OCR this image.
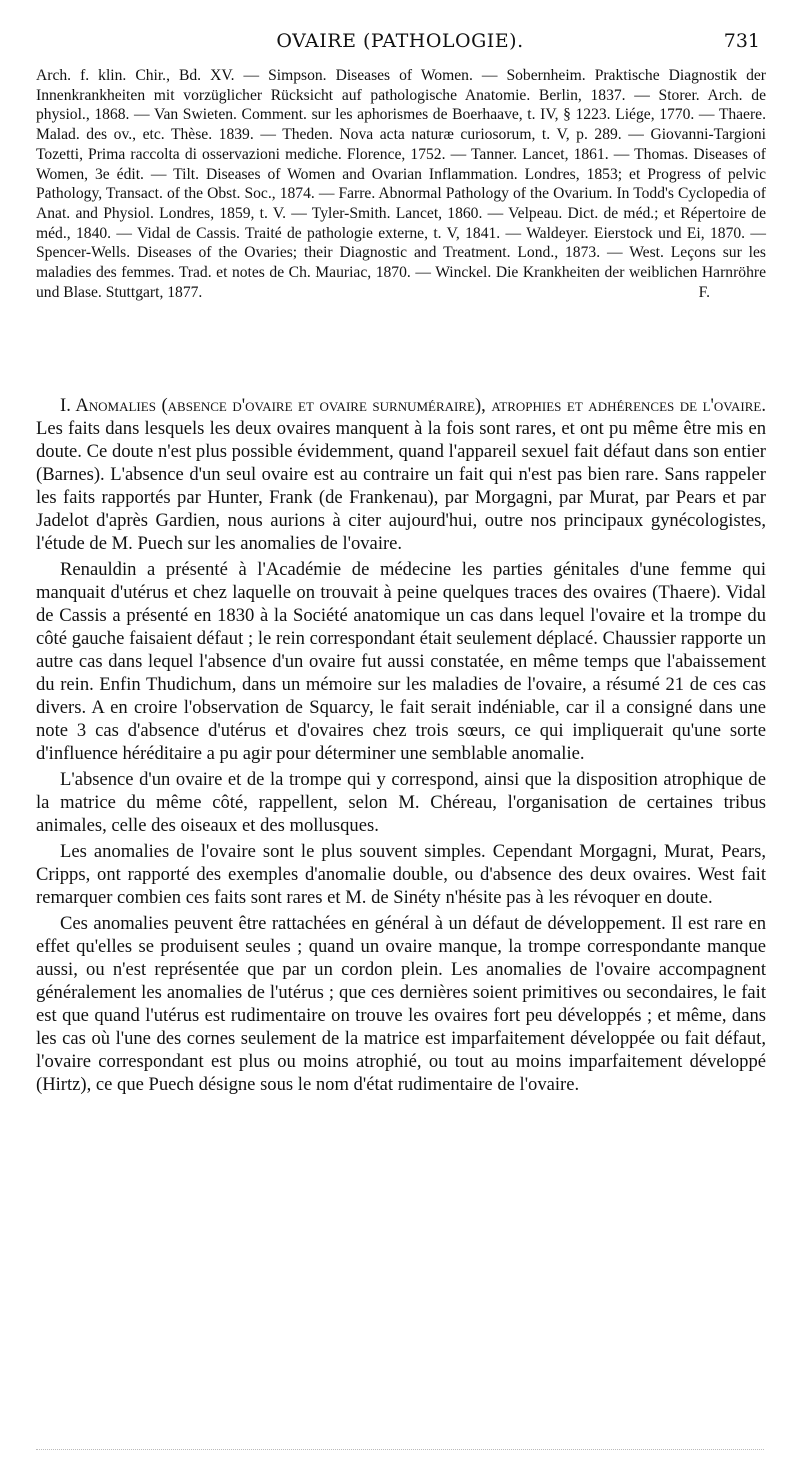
OVAIRE (PATHOLOGIE).	731

Arch. f. klin. Chir., Bd. XV. — Simpson. Diseases of Women. — Sobernheim. Praktische Diagnostik der Innenkrankheiten mit vorzüglicher Rücksicht auf pathologische Anatomie. Berlin, 1837. — Storer. Arch. de physiol., 1868. — Van Swieten. Comment. sur les aphorismes de Boerhaave, t. IV, § 1223. Liége, 1770. — Thaere. Malad. des ov., etc. Thèse. 1839. — Theden. Nova acta naturæ curiosorum, t. V, p. 289. — Giovanni-Targioni Tozetti, Prima raccolta di osservazioni mediche. Florence, 1752. — Tanner. Lancet, 1861. — Thomas. Diseases of Women, 3e édit. — Tilt. Diseases of Women and Ovarian Inflammation. Londres, 1853; et Progress of pelvic Pathology, Transact. of the Obst. Soc., 1874. — Farre. Abnormal Pathology of the Ovarium. In Todd's Cyclopedia of Anat. and Physiol. Londres, 1859, t. V. — Tyler-Smith. Lancet, 1860. — Velpeau. Dict. de méd.; et Répertoire de méd., 1840. — Vidal de Cassis. Traité de pathologie externe, t. V, 1841. — Waldeyer. Eierstock und Ei, 1870. — Spencer-Wells. Diseases of the Ovaries; their Diagnostic and Treatment. Lond., 1873. — West. Leçons sur les maladies des femmes. Trad. et notes de Ch. Mauriac, 1870. — Winckel. Die Krankheiten der weiblichen Harnröhre und Blase. Stuttgart, 1877.	F.

I. Anomalies (absence d'ovaire et ovaire surnuméraire), atrophies et adhérences de l'ovaire. Les faits dans lesquels les deux ovaires manquent à la fois sont rares, et ont pu même être mis en doute. Ce doute n'est plus possible évidemment, quand l'appareil sexuel fait défaut dans son entier (Barnes). L'absence d'un seul ovaire est au contraire un fait qui n'est pas bien rare. Sans rappeler les faits rapportés par Hunter, Frank (de Frankenau), par Morgagni, par Murat, par Pears et par Jadelot d'après Gardien, nous aurions à citer aujourd'hui, outre nos principaux gynécologistes, l'étude de M. Puech sur les anomalies de l'ovaire.

Renauldin a présenté à l'Académie de médecine les parties génitales d'une femme qui manquait d'utérus et chez laquelle on trouvait à peine quelques traces des ovaires (Thaere). Vidal de Cassis a présenté en 1830 à la Société anatomique un cas dans lequel l'ovaire et la trompe du côté gauche faisaient défaut ; le rein correspondant était seulement déplacé. Chaussier rapporte un autre cas dans lequel l'absence d'un ovaire fut aussi constatée, en même temps que l'abaissement du rein. Enfin Thudichum, dans un mémoire sur les maladies de l'ovaire, a résumé 21 de ces cas divers. A en croire l'observation de Squarcy, le fait serait indéniable, car il a consigné dans une note 3 cas d'absence d'utérus et d'ovaires chez trois sœurs, ce qui impliquerait qu'une sorte d'influence héréditaire a pu agir pour déterminer une semblable anomalie.

L'absence d'un ovaire et de la trompe qui y correspond, ainsi que la disposition atrophique de la matrice du même côté, rappellent, selon M. Chéreau, l'organisation de certaines tribus animales, celle des oiseaux et des mollusques.

Les anomalies de l'ovaire sont le plus souvent simples. Cependant Morgagni, Murat, Pears, Cripps, ont rapporté des exemples d'anomalie double, ou d'absence des deux ovaires. West fait remarquer combien ces faits sont rares et M. de Sinéty n'hésite pas à les révoquer en doute.

Ces anomalies peuvent être rattachées en général à un défaut de développement. Il est rare en effet qu'elles se produisent seules ; quand un ovaire manque, la trompe correspondante manque aussi, ou n'est représentée que par un cordon plein. Les anomalies de l'ovaire accompagnent généralement les anomalies de l'utérus ; que ces dernières soient primitives ou secondaires, le fait est que quand l'utérus est rudimentaire on trouve les ovaires fort peu développés ; et même, dans les cas où l'une des cornes seulement de la matrice est imparfaitement développée ou fait défaut, l'ovaire correspondant est plus ou moins atrophié, ou tout au moins imparfaitement développé (Hirtz), ce que Puech désigne sous le nom d'état rudimentaire de l'ovaire.
